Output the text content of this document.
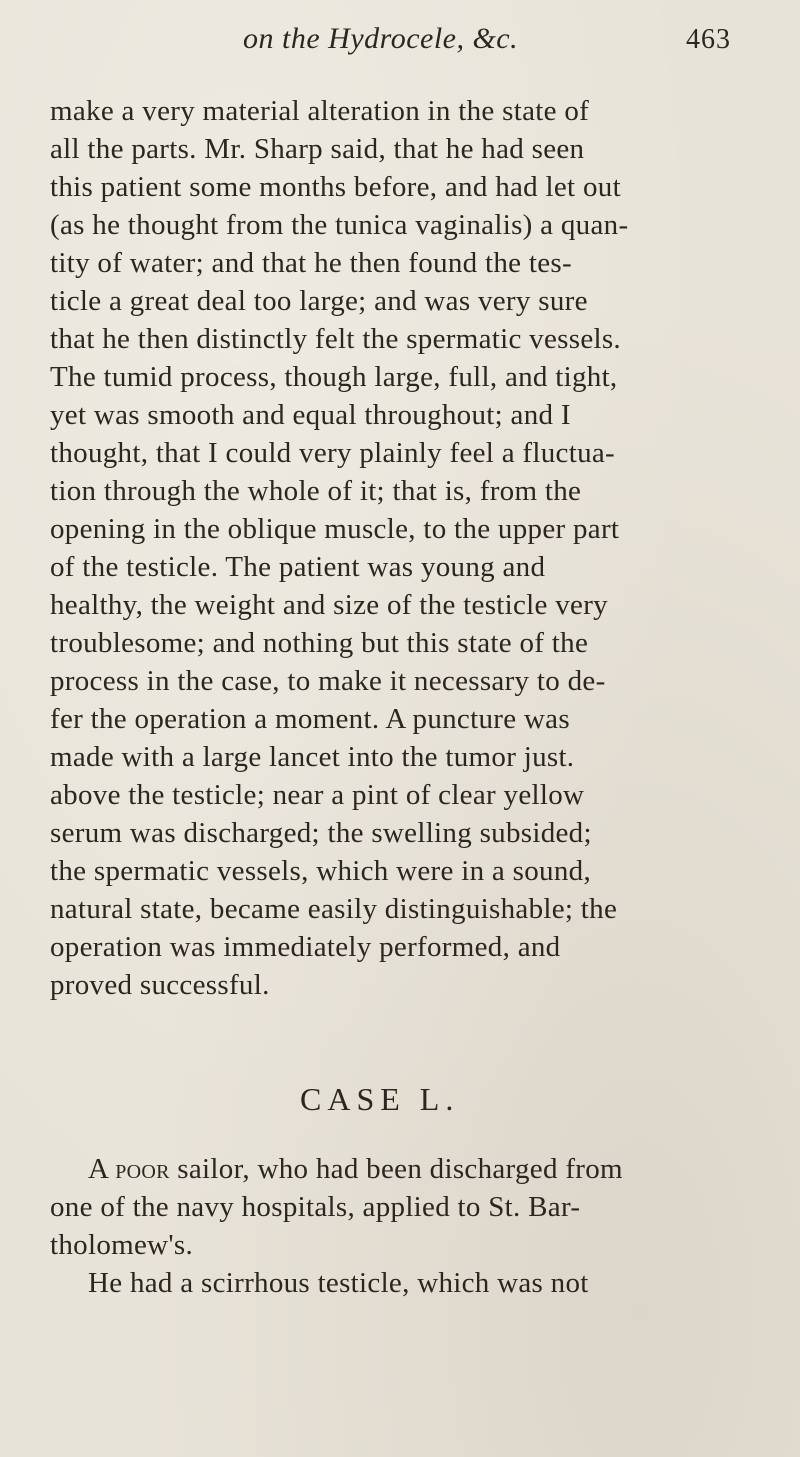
on the Hydrocele, &c.	463
make a very material alteration in the state of
all the parts. Mr. Sharp said, that he had seen
this patient some months before, and had let out
(as he thought from the tunica vaginalis) a quan-
tity of water; and that he then found the tes-
ticle a great deal too large; and was very sure
that he then distinctly felt the spermatic vessels.
The tumid process, though large, full, and tight,
yet was smooth and equal throughout; and I
thought, that I could very plainly feel a fluctua-
tion through the whole of it; that is, from the
opening in the oblique muscle, to the upper part
of the testicle. The patient was young and
healthy, the weight and size of the testicle very
troublesome; and nothing but this state of the
process in the case, to make it necessary to de-
fer the operation a moment. A puncture was
made with a large lancet into the tumor just.
above the testicle; near a pint of clear yellow
serum was discharged; the swelling subsided;
the spermatic vessels, which were in a sound,
natural state, became easily distinguishable; the
operation was immediately performed, and
proved successful.
CASE L.
A poor sailor, who had been discharged from
one of the navy hospitals, applied to St. Bar-
tholomew's.
He had a scirrhous testicle, which was not
